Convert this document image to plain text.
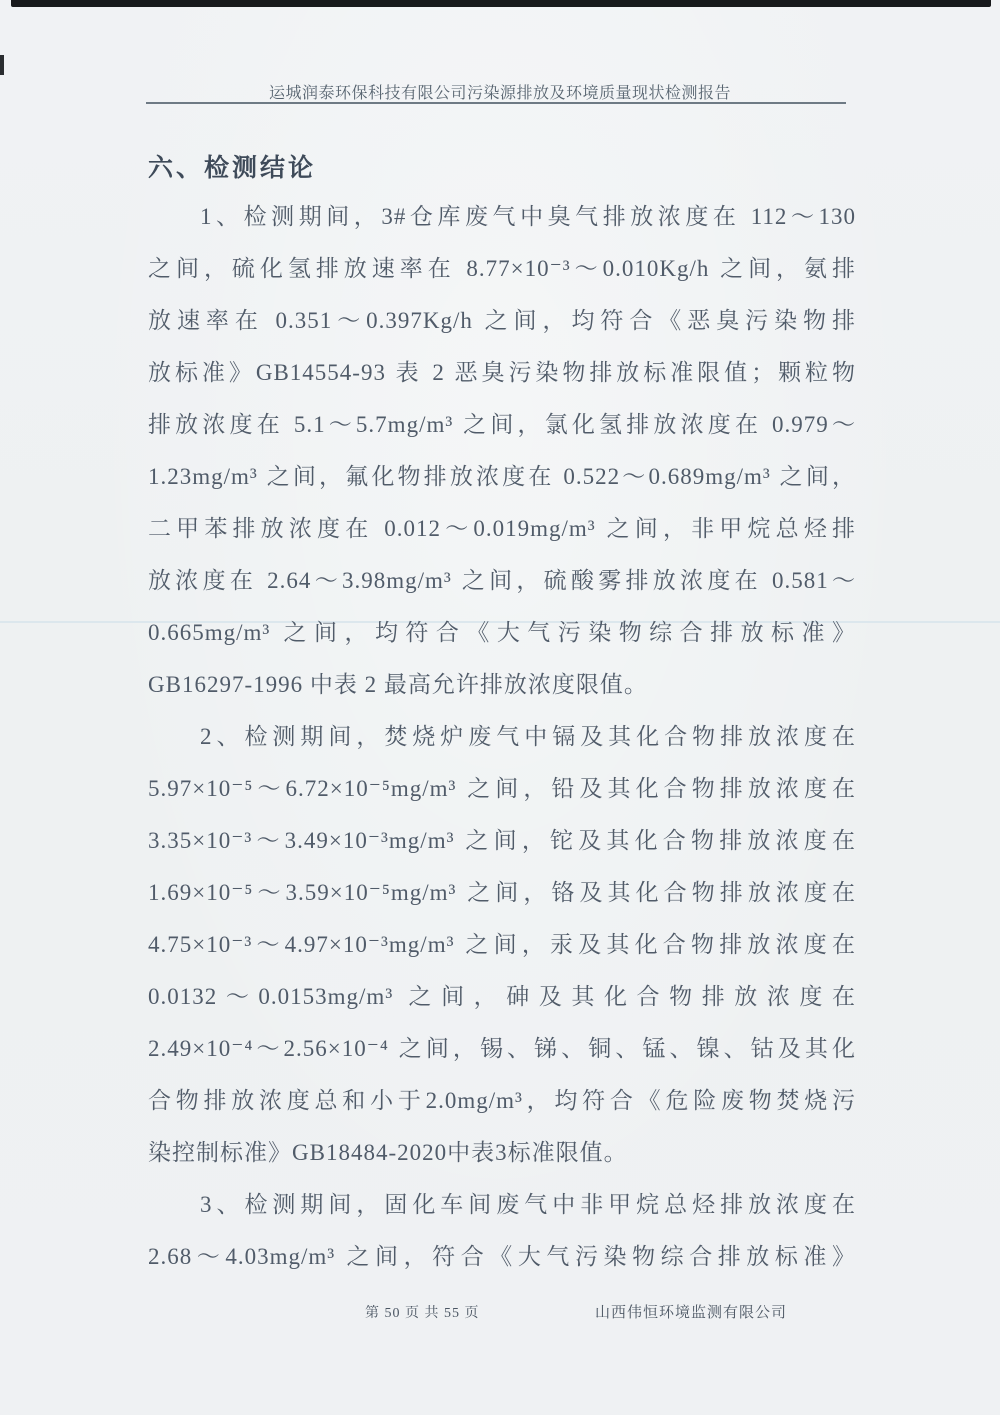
运城润泰环保科技有限公司污染源排放及环境质量现状检测报告
六、检测结论
1、检测期间，3#仓库废气中臭气排放浓度在 112～130
之间，硫化氢排放速率在 8.77×10⁻³～0.010Kg/h 之间，氨排
放速率在 0.351～0.397Kg/h 之间，均符合《恶臭污染物排
放标准》GB14554-93 表 2 恶臭污染物排放标准限值；颗粒物
排放浓度在 5.1～5.7mg/m³ 之间，氯化氢排放浓度在 0.979～
1.23mg/m³ 之间，氟化物排放浓度在 0.522～0.689mg/m³ 之间，
二甲苯排放浓度在 0.012～0.019mg/m³ 之间，非甲烷总烃排
放浓度在 2.64～3.98mg/m³ 之间，硫酸雾排放浓度在 0.581～
0.665mg/m³ 之间，均符合《大气污染物综合排放标准》
GB16297-1996 中表 2 最高允许排放浓度限值。
2、检测期间，焚烧炉废气中镉及其化合物排放浓度在
5.97×10⁻⁵～6.72×10⁻⁵mg/m³ 之间，铅及其化合物排放浓度在
3.35×10⁻³～3.49×10⁻³mg/m³ 之间，铊及其化合物排放浓度在
1.69×10⁻⁵～3.59×10⁻⁵mg/m³ 之间，铬及其化合物排放浓度在
4.75×10⁻³～4.97×10⁻³mg/m³ 之间，汞及其化合物排放浓度在
0.0132～0.0153mg/m³ 之间，砷及其化合物排放浓度在
2.49×10⁻⁴～2.56×10⁻⁴ 之间，锡、锑、铜、锰、镍、钴及其化
合物排放浓度总和小于2.0mg/m³，均符合《危险废物焚烧污
染控制标准》GB18484-2020中表3标准限值。
3、检测期间，固化车间废气中非甲烷总烃排放浓度在
2.68～4.03mg/m³ 之间，符合《大气污染物综合排放标准》
第 50 页 共 55 页	山西伟恒环境监测有限公司
